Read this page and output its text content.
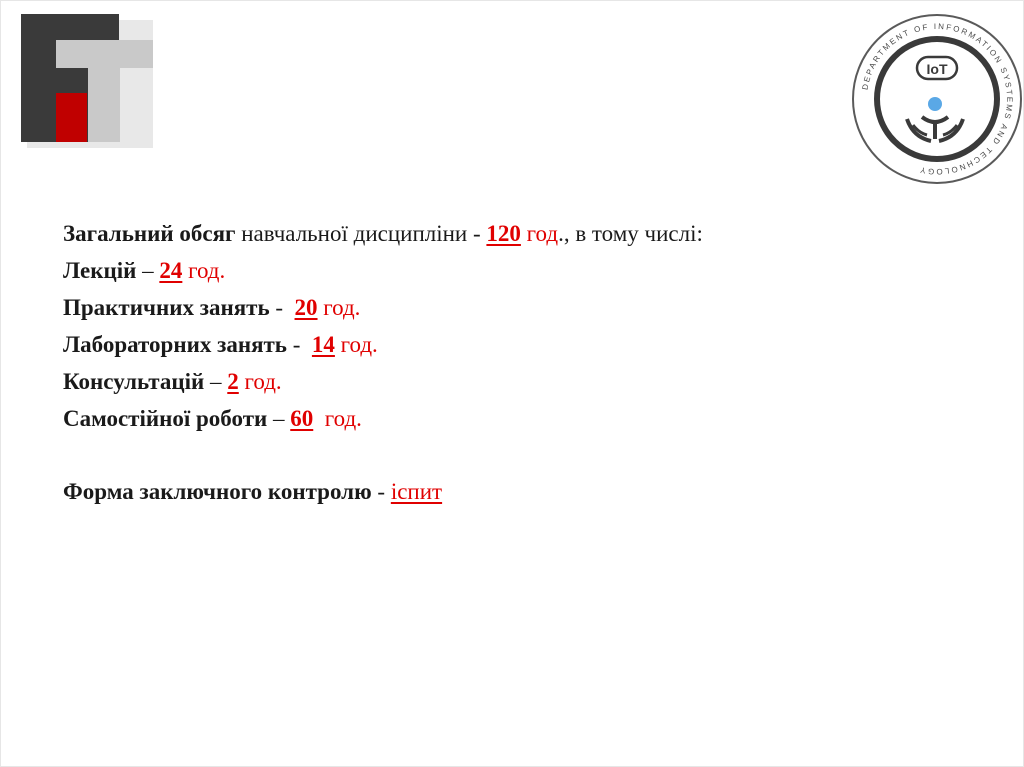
DEPARTMENT OF INFORMATION SYSTEMS AND TECHNOLOGY
IoT
Загальний обсяг навчальної дисципліни - 120 год., в тому числі:
Лекцій – 24 год.
Практичних занять -  20 год.
Лабораторних занять -  14 год.
Консультацій – 2 год.
Самостійної роботи – 60  год.
Форма заключного контролю - іспит
